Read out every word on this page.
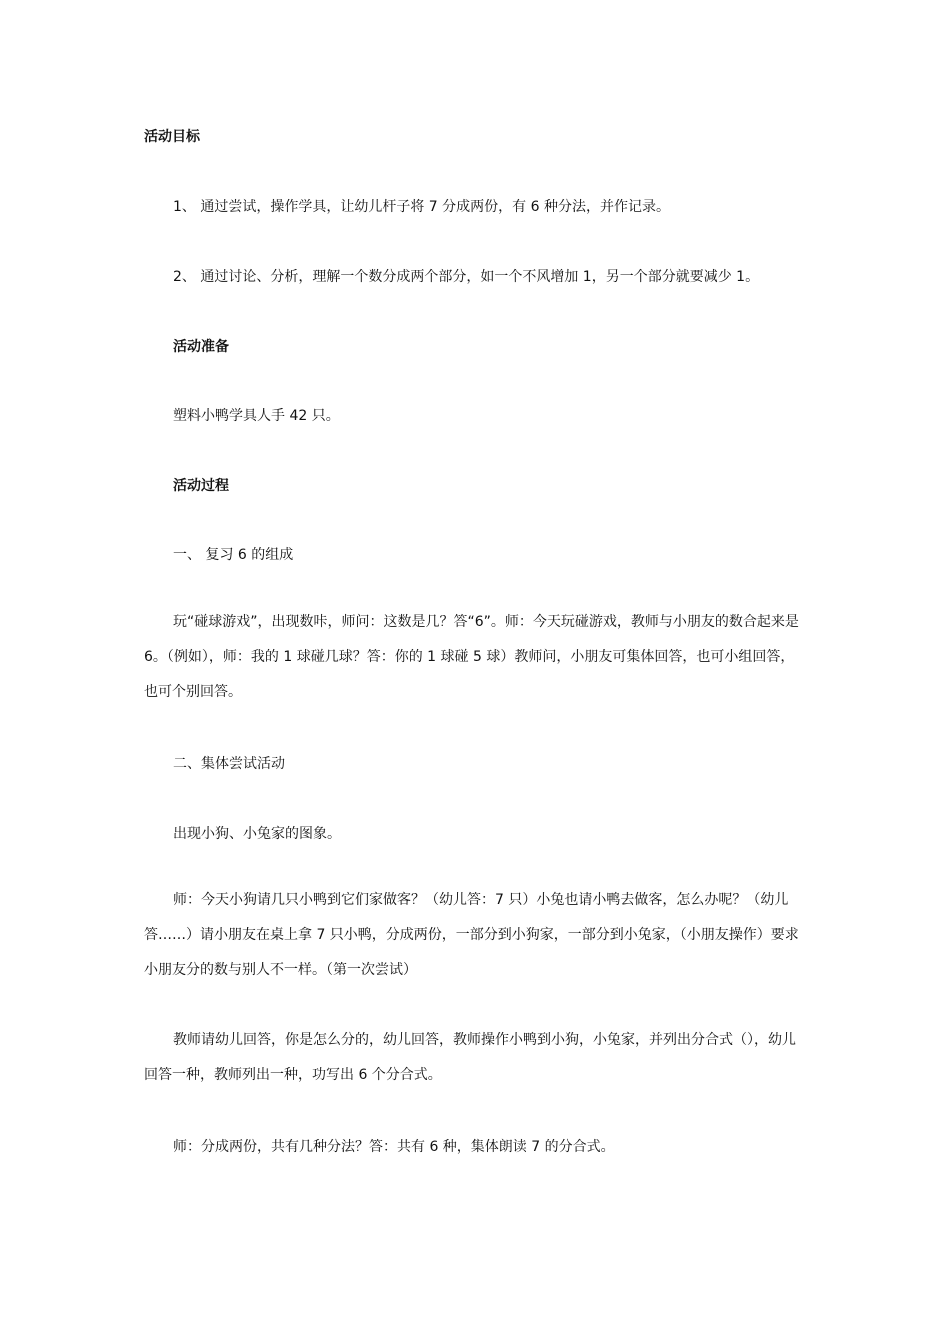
活动目标
1、 通过尝试，操作学具，让幼儿杆子将 7 分成两份，有 6 种分法，并作记录。
2、 通过讨论、分析，理解一个数分成两个部分，如一个不风增加 1，另一个部分就要减少 1。
活动准备
塑料小鸭学具人手 42 只。
活动过程
一、 复习 6 的组成
玩“碰球游戏”，出现数咔，师问：这数是几？答“6”。师：今天玩碰游戏，教师与小朋友的数合起来是 6。（例如），师：我的 1 球碰几球？答：你的 1 球碰 5 球）教师问，小朋友可集体回答，也可小组回答，也可个别回答。
二、集体尝试活动
出现小狗、小兔家的图象。
师：今天小狗请几只小鸭到它们家做客？（幼儿答：7 只）小兔也请小鸭去做客，怎么办呢？（幼儿答……）请小朋友在桌上拿 7 只小鸭，分成两份，一部分到小狗家，一部分到小兔家，（小朋友操作）要求小朋友分的数与别人不一样。（第一次尝试）
教师请幼儿回答，你是怎么分的，幼儿回答，教师操作小鸭到小狗，小兔家，并列出分合式（），幼儿回答一种，教师列出一种，功写出 6 个分合式。
师：分成两份，共有几种分法？答：共有 6 种，集体朗读 7 的分合式。
